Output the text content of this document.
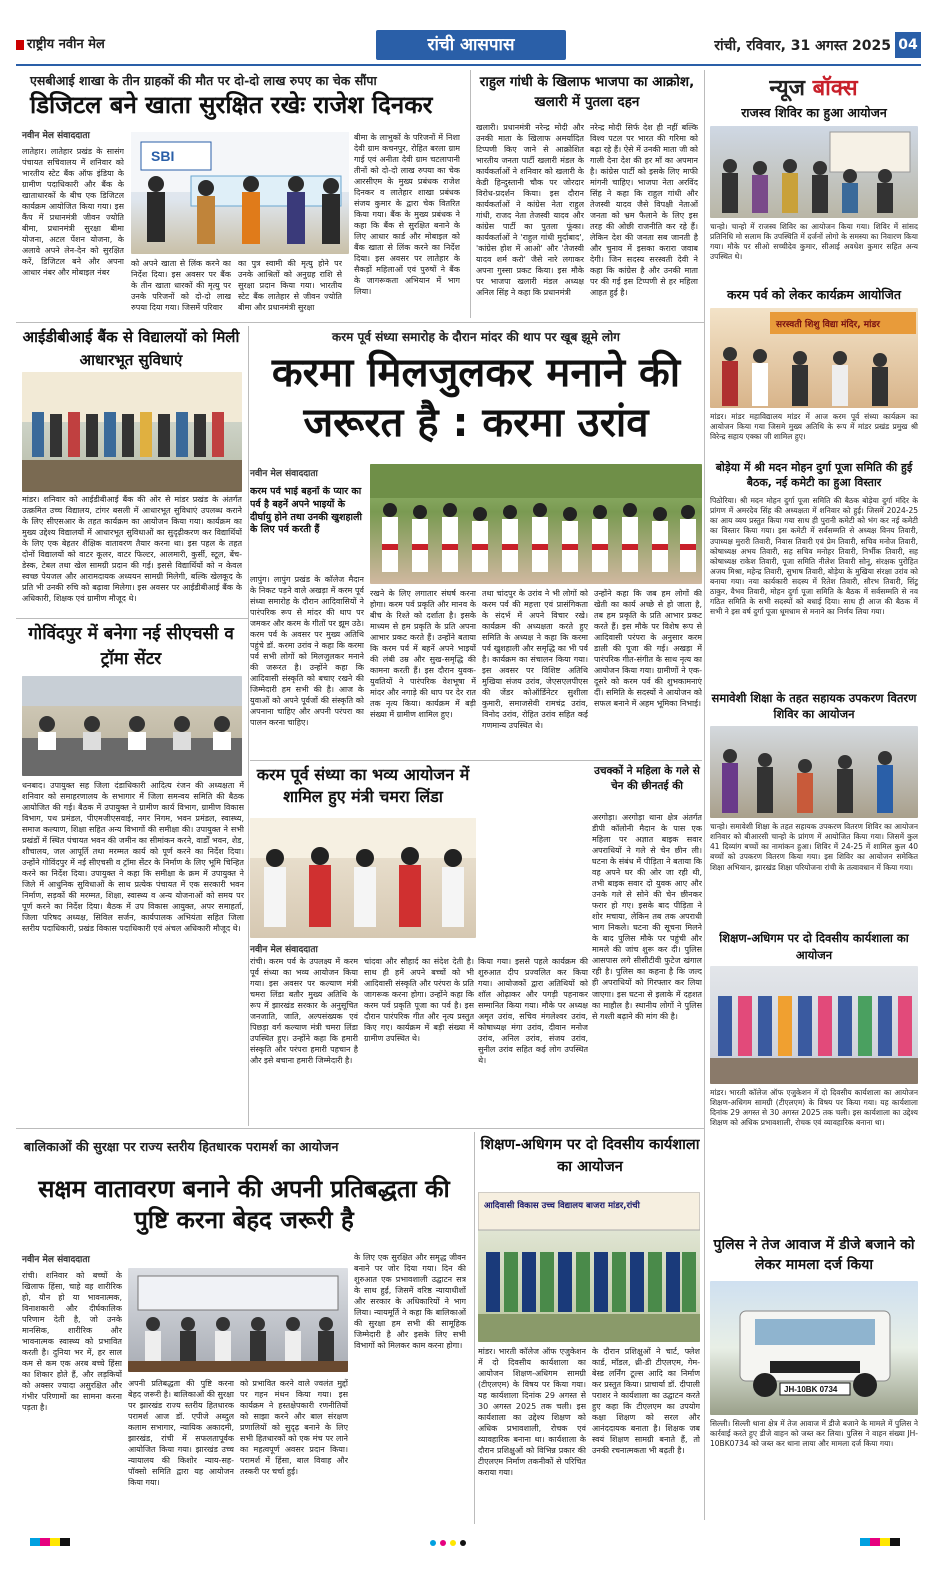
राष्ट्रीय नवीन मेल	रांची आसपास	रांची, रविवार, 31 अगस्त 2025 04
एसबीआई शाखा के तीन ग्राहकों की मौत पर दो-दो लाख रुपए का चेक सौंपा
डिजिटल बने खाता सुरक्षित रखेः राजेश दिनकर
नवीन मेल संवाददाता
लातेहार। लातेहार प्रखंड के सासंग पंचायत सचिवालय में शनिवार को भारतीय स्टेट बैंक ऑफ इंडिया के ग्रामीण पदाधिकारी और बैंक के खाताधारकों के बीच एक डिजिटल कार्यक्रम आयोजित किया गया। इस कैंप में प्रधानमंत्री जीवन ज्योति बीमा, प्रधानमंत्री सुरक्षा बीमा योजना, अटल पेंशन योजना, के अलावे अपने लेन-देन को सुरक्षित करें, डिजिटल बने और अपना आधार नंबर और मोबाइल नंबर
SBI
को अपने खाता से लिंक करने का निर्देश दिया। इस अवसर पर बैंक के तीन खाता धारकों की मृत्यु पर उनके परिजनों को दो-दो लाख रुपया दिया गया। जिसमें परिवार
का पुत्र स्वामी की मृत्यु होने पर उनके आश्रितों को अनुग्रह राशि से सुरक्षा प्रदान किया गया। भारतीय स्टेट बैंक लातेहार से जीवन ज्योति बीमा और प्रधानमंत्री सुरक्षा
बीमा के लाभुकों के परिजनों में निशा देवी ग्राम कचनपुर, रोहित बरला ग्राम गाई एवं अनीता देवी ग्राम चटलापानी तीनों को दो-दो लाख रुपया का चेक आरसीएम के मुख्य प्रबंधक राजेश दिनकर व लातेहार शाखा प्रबंधक संजय कुमार के द्वारा चेक वितरित किया गया। बैंक के मुख्य प्रबंधक ने कहा कि बैंक से सुरक्षित बनाने के लिए आधार कार्ड और मोबाइल को बैंक खाता से लिंक करने का निर्देश दिया। इस अवसर पर लातेहार के सैकड़ों महिलाओं एवं पुरुषों ने बैंक के जागरूकता अभियान में भाग लिया।
राहुल गांधी के खिलाफ भाजपा का आक्रोश, खलारी में पुतला दहन
खलारी। प्रधानमंत्री नरेन्द्र मोदी और उनकी माता के खिलाफ अमर्यादित टिप्पणी किए जाने से आक्रोशित भारतीय जनता पार्टी खलारी मंडल के कार्यकर्ताओं ने शनिवार को खलारी के केडी हिन्दुस्तानी चौक पर जोरदार विरोध-प्रदर्शन किया। इस दौरान कार्यकर्ताओं ने कांग्रेस नेता राहुल गांधी, राजद नेता तेजस्वी यादव और कांग्रेस पार्टी का पुतला फूंका। कार्यकर्ताओं ने 'राहुल गांधी मुर्दाबाद', 'कांग्रेस होश में आओ' और 'तेजस्वी यादव शर्म करो' जैसे नारे लगाकर अपना गुस्सा प्रकट किया। इस मौके पर भाजपा खलारी मंडल अध्यक्ष अनिल सिंह ने कहा कि प्रधानमंत्री
नरेन्द्र मोदी सिर्फ देश ही नहीं बल्कि विश्व पटल पर भारत की गरिमा को बढ़ा रहे हैं। ऐसे में उनकी माता जी को गाली देना देश की हर माँ का अपमान है। कांग्रेस पार्टी को इसके लिए माफी मांगनी चाहिए। भाजपा नेता अरविंद सिंह ने कहा कि राहुल गांधी और तेजस्वी यादव जैसे विपक्षी नेताओं जनता को भ्रम फैलाने के लिए इस तरह की ओछी राजनीति कर रहे हैं। लेकिन देश की जनता सब जानती है और चुनाव में इसका करारा जवाब देगी। जिन सदस्य सरस्वती देवी ने कहा कि कांग्रेस है और उनकी माता पर की गई इस टिप्पणी से हर महिला आहत हुई है।
न्यूज बॉक्स
राजस्व शिविर का हुआ आयोजन
चान्हो। चान्हो में राजस्व शिविर का आयोजन किया गया। शिविर में सांसद प्रतिनिधि मो सलाम कि उपस्थिति में दर्जनों लोगो के समस्या का निवारण किया गया। मौके पर सीओ सच्चीदेव कुमार, सीआई अवधेश कुमार सहित अन्य उपस्थित थे।
करम पर्व को लेकर कार्यक्रम आयोजित
सरस्वती शिशु विद्या मंदिर, मांडर
मांडर। मांडर महाविद्यालय मांडर में आज करम पूर्व संध्या कार्यक्रम का आयोजन किया गया जिसमे मुख्य अतिथि के रूप में मांडर प्रखंड प्रमुख श्री विरेन्द्र सहाय एक्का जी शामिल हुए।
बोड़ेया में श्री मदन मोहन दुर्गा पूजा समिति की हुई बैठक, नई कमेटी का हुआ विस्तार
पिठोरिया। श्री मदन मोहन दुर्गा पूजा समिति की बैठक बोड़ेया दुर्गा मंदिर के प्रांगण में अमरदेव सिंह की अध्यक्षता में शनिवार को हुई। जिसमें 2024-25 का आय व्यय प्रस्तुत किया गया साथ ही पुरानी कमेटी को भंग कर नई कमेटी का विस्तार किया गया। इस कमेटी में सर्वसम्मति से अध्यक्ष विनय तिवारी, उपाध्यक्ष मुरारी तिवारी, निवास तिवारी एवं प्रेम तिवारी, सचिव मनोज तिवारी, कोषाध्यक्ष अभय तिवारी, सह सचिव मनोहर तिवारी, निर्भीक तिवारी, सह कोषाध्यक्ष राकेश तिवारी, पूजा समिति नीलेश तिवारी सोनू, संरक्षक पुरोहित अजय मिश्रा, महेन्द्र तिवारी, सुभाष तिवारी, बोड़ेया के मुखिया संरक्षा उरांव को बनाया गया। नया कार्यकारी सदस्य में रितेश तिवारी, सौरभ तिवारी, सिंटू ठाकुर, वैभव तिवारी, मोहन दुर्गा पूजा समिति के बैठक में सर्वसम्मति से नव गठित समिति के सभी सदस्यों को बधाई दिया। साथ ही आज की बैठक में सभी ने इस वर्ष दुर्गा पूजा धूमधाम से मनाने का निर्णय लिया गया।
समावेशी शिक्षा के तहत सहायक उपकरण वितरण शिविर का आयोजन
चान्हो। समावेशी शिक्षा के तहत सहायक उपकरण वितरण शिविर का आयोजन शनिवार को बीआरसी चान्हो के प्रांगण में आयोजित किया गया। जिसमें कुल 41 दिव्यांग बच्चों का नामांकन हुआ। शिविर में 24-25 में शामिल कुल 40 बच्चों को उपकरण वितरण किया गया। इस शिविर का आयोजन समेकित शिक्षा अभियान, झारखंड शिक्षा परियोजना रांची के तत्वावधान में किया गया।
शिक्षण-अधिगम पर दो दिवसीय कार्यशाला का आयोजन
मांडर। भारती कॉलेज ऑफ एजुकेशन में दो दिवसीय कार्यशाला का आयोजन शिक्षण-अधिगम सामग्री (टीएलएम) के विषय पर किया गया। यह कार्यशाला दिनांक 29 अगस्त से 30 अगस्त 2025 तक चली। इस कार्यशाला का उद्देश्य शिक्षण को अधिक प्रभावशाली, रोचक एवं व्यावहारिक बनाना था।
पुलिस ने तेज आवाज में डीजे बजाने को लेकर मामला दर्ज किया
JH-10BK 0734
सिल्ली। सिल्ली थाना क्षेत्र में तेज आवाज में डीजे बजाने के मामले में पुलिस ने कार्रवाई करते हुए डीजे वाहन को जब्त कर लिया। पुलिस ने वाहन संख्या JH-10BK0734 को जब्त कर थाना लाया और मामला दर्ज किया गया।
आईडीबीआई बैंक से विद्यालयों को मिली आधारभूत सुविधाएं
मांडर। शनिवार को आईडीबीआई बैंक की ओर से मांडर प्रखंड के अंतर्गत उत्क्रमित उच्च विद्यालय, टांगर बसली में आधारभूत सुविधाएं उपलब्ध कराने के लिए सीएसआर के तहत कार्यक्रम का आयोजन किया गया। कार्यक्रम का मुख्य उद्देश्य विद्यालयों में आधारभूत सुविधाओं का सुदृढ़ीकरण कर विद्यार्थियों के लिए एक बेहतर शैक्षिक वातावरण तैयार करना था। इस पहल के तहत दोनों विद्यालयों को वाटर कूलर, वाटर फिल्टर, आलमारी, कुर्सी, स्टूल, बेंच-डेस्क, टेबल तथा खेल सामग्री प्रदान की गई। इससे विद्यार्थियों को न केवल स्वच्छ पेयजल और आरामदायक अध्ययन सामग्री मिलेगी, बल्कि खेलकूद के प्रति भी उनकी रुचि को बढ़ावा मिलेगा। इस अवसर पर आईडीबीआई बैंक के अधिकारी, शिक्षक एवं ग्रामीण मौजूद थे।
करम पूर्व संध्या समारोह के दौरान मांदर की थाप पर खूब झूमे लोग
करमा मिलजुलकर मनाने की जरूरत है : करमा उरांव
नवीन मेल संवाददाता
करम पर्व भाई बहनों के प्यार का पर्व है बहनें अपने भाइयों के दीर्घायु होने तथा उनकी खुशहाली के लिए पर्व करती हैं
लापुंग। लापुंग प्रखंड के कॉलेज मैदान के निकट पड़ने वाले अखड़ा में करम पूर्व संध्या समारोह के दौरान आदिवासियों ने पारंपरिक रूप से मांदर की थाप पर जमकर और करम के गीतों पर झूम उठे। करम पर्व के अवसर पर मुख्य अतिथि पहुंचे डॉ. करमा उरांव ने कहा कि करमा पर्व सभी लोगों को मिलजुलकर मनाने की जरूरत है। उन्होंने कहा कि आदिवासी संस्कृति को बचाए रखने की जिम्मेदारी हम सभी की है। आज के युवाओं को अपने पूर्वजों की संस्कृति को अपनाना चाहिए और अपनी परंपरा का पालन करना चाहिए।
रखने के लिए लगातार संघर्ष करना होगा। करम पर्व प्रकृति और मानव के बीच के रिश्ते को दर्शाता है। इसके माध्यम से हम प्रकृति के प्रति अपना आभार प्रकट करते हैं। उन्होंने बताया कि करम पर्व में बहनें अपने भाइयों की लंबी उम्र और सुख-समृद्धि की कामना करती हैं। इस दौरान युवक-युवतियों ने पारंपरिक वेशभूषा में मांदर और नगाड़े की थाप पर देर रात तक नृत्य किया। कार्यक्रम में बड़ी संख्या में ग्रामीण शामिल हुए।
तथा चांदपुर के उरांव ने भी लोगों को करम पर्व की महत्ता एवं प्रासंगिकता के संदर्भ में अपने विचार रखे। कार्यक्रम की अध्यक्षता करते हुए समिति के अध्यक्ष ने कहा कि करमा पर्व खुशहाली और समृद्धि का भी पर्व है। कार्यक्रम का संचालन किया गया। इस अवसर पर विशिष्ट अतिथि मुखिया संजय उरांव, जेएसएलपीएस की जेंडर कोऑर्डिनेटर सुशीला कुमारी, समाजसेवी रामचंद्र उरांव, विनोद उरांव, रोहित उरांव सहित कई गणमान्य उपस्थित थे।
उन्होंने कहा कि जब हम लोगों की खेती का कार्य अच्छे से हो जाता है, तब हम प्रकृति के प्रति आभार प्रकट करते हैं। इस मौके पर विशेष रूप से आदिवासी परंपरा के अनुसार करम डाली की पूजा की गई। अखड़ा में पारंपरिक गीत-संगीत के साथ नृत्य का आयोजन किया गया। ग्रामीणों ने एक-दूसरे को करम पर्व की शुभकामनाएं दीं। समिति के सदस्यों ने आयोजन को सफल बनाने में अहम भूमिका निभाई।
गोविंदपुर में बनेगा नई सीएचसी व ट्रॉमा सेंटर
धनबाद। उपायुक्त सह जिला दंडाधिकारी आदित्य रंजन की अध्यक्षता में शनिवार को समाहरणालय के सभागार में जिला समन्वय समिति की बैठक आयोजित की गई। बैठक में उपायुक्त ने ग्रामीण कार्य विभाग, ग्रामीण विकास विभाग, पथ प्रमंडल, पीएमजीएसवाई, नगर निगम, भवन प्रमंडल, स्वास्थ्य, समाज कल्याण, शिक्षा सहित अन्य विभागों की समीक्षा की। उपायुक्त ने सभी प्रखंडों में स्थित पंचायत भवन की जमीन का सीमांकन करने, वार्डों भवन, शेड, शौचालय, जल आपूर्ति तथा मरम्मत कार्य को पूर्ण करने का निर्देश दिया। उन्होंने गोविंदपुर में नई सीएचसी व ट्रॉमा सेंटर के निर्माण के लिए भूमि चिन्हित करने का निर्देश दिया। उपायुक्त ने कहा कि समीक्षा के क्रम में उपायुक्त ने जिले में आधुनिक सुविधाओं के साथ प्रत्येक पंचायत में एक सरकारी भवन निर्माण, सड़कों की मरम्मत, शिक्षा, स्वास्थ्य व अन्य योजनाओं को समय पर पूर्ण करने का निर्देश दिया। बैठक में उप विकास आयुक्त, अपर समाहर्ता, जिला परिषद अध्यक्ष, सिविल सर्जन, कार्यपालक अभियंता सहित जिला स्तरीय पदाधिकारी, प्रखंड विकास पदाधिकारी एवं अंचल अधिकारी मौजूद थे।
करम पूर्व संध्या का भव्य आयोजन में शामिल हुए मंत्री चमरा लिंडा
नवीन मेल संवाददाता
रांची। करम पर्व के उपलक्ष्य में करम पूर्व संध्या का भव्य आयोजन किया गया। इस अवसर पर कल्याण मंत्री चमरा लिंडा बतौर मुख्य अतिथि के रूप में झारखंड सरकार के अनुसूचित जनजाति, जाति, अल्पसंख्यक एवं पिछड़ा वर्ग कल्याण मंत्री चमरा लिंडा उपस्थित हुए। उन्होंने कहा कि हमारी संस्कृति और परंपरा हमारी पहचान है और इसे बचाना हमारी जिम्मेदारी है।
चांदवा और सौहार्द का संदेश देती है। साथ ही हमें अपने बच्चों को भी आदिवासी संस्कृति और परंपरा के प्रति जागरूक करना होगा। उन्होंने कहा कि करम पर्व प्रकृति पूजा का पर्व है। इस दौरान पारंपरिक गीत और नृत्य प्रस्तुत किए गए। कार्यक्रम में बड़ी संख्या में ग्रामीण उपस्थित थे।
किया गया। इससे पहले कार्यक्रम की शुरुआत दीप प्रज्वलित कर किया गया। आयोजकों द्वारा अतिथियों को शॉल ओढ़ाकर और पगड़ी पहनाकर सम्मानित किया गया। मौके पर अध्यक्ष अमृत उरांव, सचिव मंगलेश्वर उरांव, कोषाध्यक्ष मंगा उरांव, दीवान मनोज उरांव, अनिल उरांव, संजय उरांव, सुनील उरांव सहित कई लोग उपस्थित थे।
उचक्कों ने महिला के गले से चेन की छीनतई की
अरगोड़ा। अरगोड़ा थाना क्षेत्र अंतर्गत डीपी कॉलोनी मैदान के पास एक महिला पर अज्ञात बाइक सवार अपराधियों ने गले से चेन छीन ली। घटना के संबंध में पीड़िता ने बताया कि वह अपने घर की ओर जा रही थी, तभी बाइक सवार दो युवक आए और उनके गले से सोने की चेन छीनकर फरार हो गए। इसके बाद पीड़िता ने शोर मचाया, लेकिन तब तक अपराधी भाग निकले। घटना की सूचना मिलने के बाद पुलिस मौके पर पहुंची और मामले की जांच शुरू कर दी। पुलिस आसपास लगे सीसीटीवी फुटेज खंगाल रही है। पुलिस का कहना है कि जल्द ही अपराधियों को गिरफ्तार कर लिया जाएगा। इस घटना से इलाके में दहशत का माहौल है। स्थानीय लोगों ने पुलिस से गश्ती बढ़ाने की मांग की है।
बालिकाओं की सुरक्षा पर राज्य स्तरीय हितधारक परामर्श का आयोजन
सक्षम वातावरण बनाने की अपनी प्रतिबद्धता की पुष्टि करना बेहद जरूरी है
नवीन मेल संवाददाता
रांची। शनिवार को बच्चों के खिलाफ हिंसा, चाहे वह शारीरिक हो, यौन हो या भावनात्मक, विनाशकारी और दीर्घकालिक परिणाम देती है, जो उनके मानसिक, शारीरिक और भावनात्मक स्वास्थ्य को प्रभावित करती है। दुनिया भर में, हर साल कम से कम एक अरब बच्चे हिंसा का शिकार होते हैं, और लड़कियों को अक्सर ज्यादा असुरक्षित और गंभीर परिणामों का सामना करना पड़ता है।
के लिए एक सुरक्षित और समृद्ध जीवन बनाने पर जोर दिया गया। दिन की शुरुआत एक प्रभावशाली उद्घाटन सत्र के साथ हुई, जिसमें वरिष्ठ न्यायाधीशों और सरकार के अधिकारियों ने भाग लिया। न्यायमूर्ति ने कहा कि बालिकाओं की सुरक्षा हम सभी की सामूहिक जिम्मेदारी है और इसके लिए सभी विभागों को मिलकर काम करना होगा।
अपनी प्रतिबद्धता की पुष्टि करना बेहद जरूरी है। बालिकाओं की सुरक्षा पर झारखंड राज्य स्तरीय हितधारक परामर्श आज डॉ. एपीजे अब्दुल कलाम सभागार, न्यायिक अकादमी, झारखंड, रांची में सफलतापूर्वक आयोजित किया गया। झारखंड उच्च न्यायालय की किशोर न्याय-सह-पॉक्सो समिति द्वारा यह आयोजन किया गया।
को प्रभावित करने वाले ज्वलंत मुद्दों पर गहन मंथन किया गया। इस कार्यक्रम ने हस्तक्षेपकारी रणनीतियों को साझा करने और बाल संरक्षण प्रणालियों को सुदृढ़ बनाने के लिए सभी हितधारकों को एक मंच पर लाने का महत्वपूर्ण अवसर प्रदान किया। परामर्श में हिंसा, बाल विवाह और तस्करी पर चर्चा हुई।
शिक्षण-अधिगम पर दो दिवसीय कार्यशाला का आयोजन
आदिवासी विकास उच्च विद्यालय बाजरा मांडर,रांची
मांडर। भारती कॉलेज ऑफ एजुकेशन में दो दिवसीय कार्यशाला का आयोजन शिक्षण-अधिगम सामग्री (टीएलएम) के विषय पर किया गया। यह कार्यशाला दिनांक 29 अगस्त से 30 अगस्त 2025 तक चली। इस कार्यशाला का उद्देश्य शिक्षण को अधिक प्रभावशाली, रोचक एवं व्यावहारिक बनाना था। कार्यशाला के दौरान प्रशिक्षुओं को विभिन्न प्रकार की टीएलएम निर्माण तकनीकों से परिचित कराया गया।
के दौरान प्रशिक्षुओं ने चार्ट, फ्लेश कार्ड, मॉडल, थ्री-डी टीएलएम, गेम-बेस्ड लर्निंग टूल्स आदि का निर्माण कर प्रस्तुत किया। प्राचार्या डॉ. दीपाली पराशर ने कार्यशाला का उद्घाटन करते हुए कहा कि टीएलएम का उपयोग कक्षा शिक्षण को सरल और आनंददायक बनाता है। शिक्षक जब स्वयं शिक्षण सामग्री बनाते हैं, तो उनकी रचनात्मकता भी बढ़ती है।
